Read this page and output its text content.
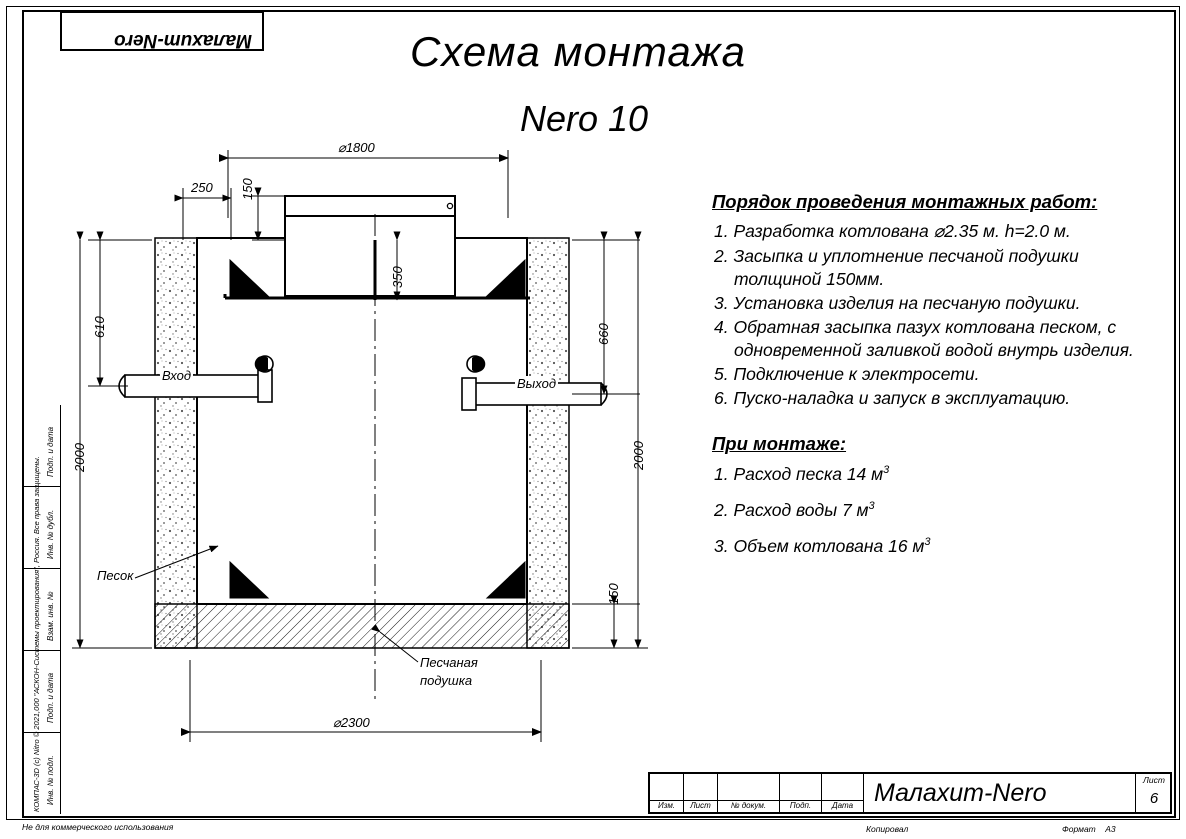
Инв. № подл.
Подп. и дата
Взам. инв. №
Инв. № дубл.
Подп. и дата
КОМПАС-3D (c) Nitro © 2021,000 "АСКОН-Системы проектирования", Россия. Все права защищены.
Малахит-Nero	Схема монтажа
Nero 10
⌀1800
250 150
350
610
2000
660
2000
150
⌀2300
Вход
Выход
Песок
Песчаная
подушка
Порядок проведения монтажных работ:
1. Разработка котлована ⌀2.35 м. h=2.0 м.
2. Засыпка и уплотнение песчаной подушки толщиной 150мм.
3. Установка изделия на песчаную подушки.
4. Обратная засыпка пазух котлована песком, с одновременной заливкой водой внутрь изделия.
5. Подключение к электросети.
6. Пуско-наладка и запуск в эксплуатацию.
При монтаже:
1. Расход песка 14 $м^3$
2. Расход воды 7 $м^3$
3. Объем котлована 16 $м^3$
Изм.	Лист	№ докум.	Подп.	Дата
Лист
6
Малахит-Nero
Не для коммерческого использования	Копировал	Формат А3
